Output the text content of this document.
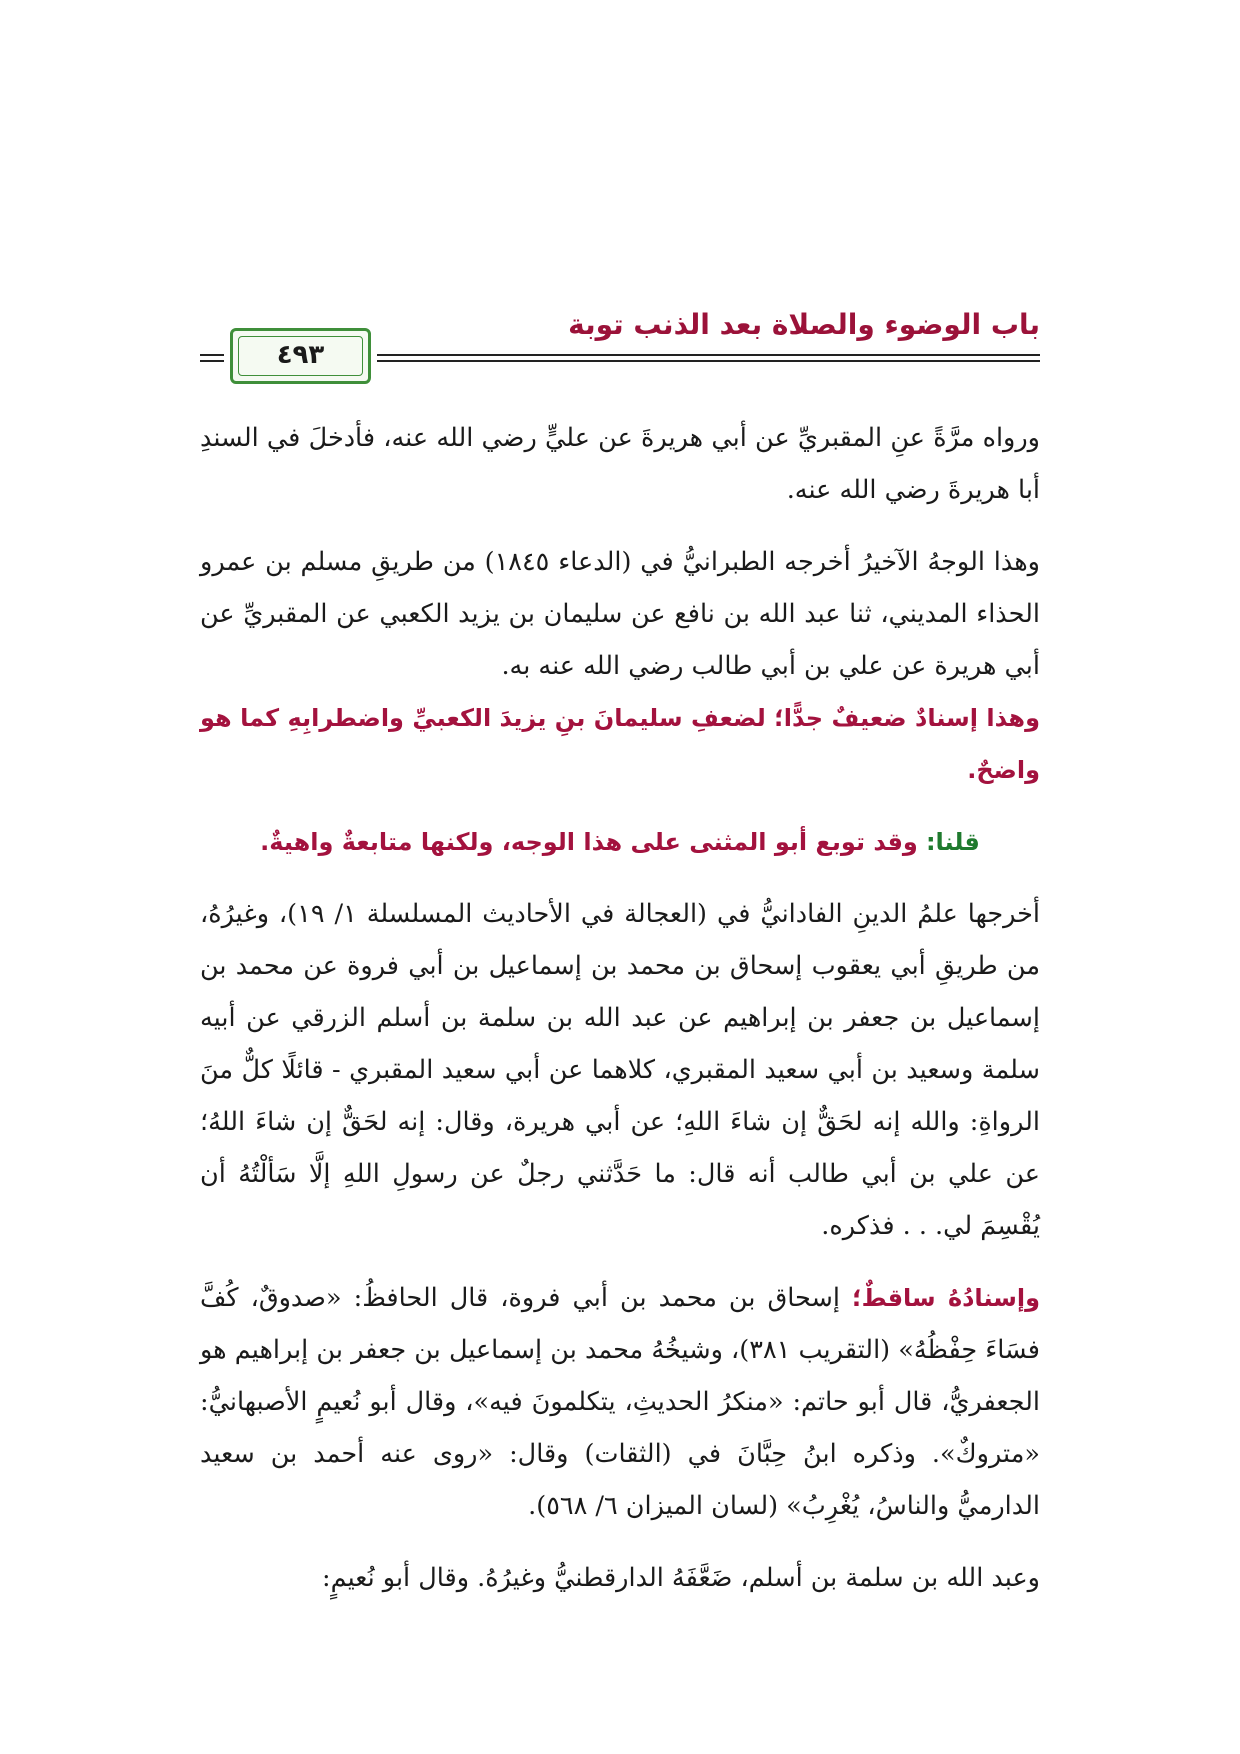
باب الوضوء والصلاة بعد الذنب توبة
٤٩٣

ورواه مرَّةً عنِ المقبريِّ عن أبي هريرةَ عن عليٍّ رضي الله عنه، فأدخلَ في السندِ أبا هريرةَ رضي الله عنه.

وهذا الوجهُ الآخيرُ أخرجه الطبرانيُّ في (الدعاء ١٨٤٥) من طريقِ مسلم بن عمرو الحذاء المديني، ثنا عبد الله بن نافع عن سليمان بن يزيد الكعبي عن المقبريِّ عن أبي هريرة عن علي بن أبي طالب رضي الله عنه به.

وهذا إسنادٌ ضعيفٌ جدًّا؛ لضعفِ سليمانَ بنِ يزيدَ الكعبيِّ واضطرابِهِ كما هو واضحٌ.

قلنا: وقد توبع أبو المثنى على هذا الوجه، ولكنها متابعةٌ واهيةٌ.

أخرجها علمُ الدينِ الفادانيُّ في (العجالة في الأحاديث المسلسلة ١/ ١٩)، وغيرُهُ، من طريقِ أبي يعقوب إسحاق بن محمد بن إسماعيل بن أبي فروة عن محمد بن إسماعيل بن جعفر بن إبراهيم عن عبد الله بن سلمة بن أسلم الزرقي عن أبيه سلمة وسعيد بن أبي سعيد المقبري، كلاهما عن أبي سعيد المقبري - قائلًا كلٌّ منَ الرواةِ: والله إنه لحَقٌّ إن شاءَ اللهِ؛ عن أبي هريرة، وقال: إنه لحَقٌّ إن شاءَ اللهُ؛ عن علي بن أبي طالب أنه قال: ما حَدَّثني رجلٌ عن رسولِ اللهِ إلَّا سَألْتُهُ أن يُقْسِمَ لي. . . فذكره.

وإسنادُهُ ساقطٌ؛ إسحاق بن محمد بن أبي فروة، قال الحافظُ: «صدوقٌ، كُفَّ فسَاءَ حِفْظُهُ» (التقريب ٣٨١)، وشيخُهُ محمد بن إسماعيل بن جعفر بن إبراهيم هو الجعفريُّ، قال أبو حاتم: «منكرُ الحديثِ، يتكلمونَ فيه»، وقال أبو نُعيمٍ الأصبهانيُّ: «متروكٌ». وذكره ابنُ حِبَّانَ في (الثقات) وقال: «روى عنه أحمد بن سعيد الدارميُّ والناسُ، يُغْرِبُ» (لسان الميزان ٦/ ٥٦٨).

وعبد الله بن سلمة بن أسلم، ضَعَّفَهُ الدارقطنيُّ وغيرُهُ. وقال أبو نُعيمٍ:
